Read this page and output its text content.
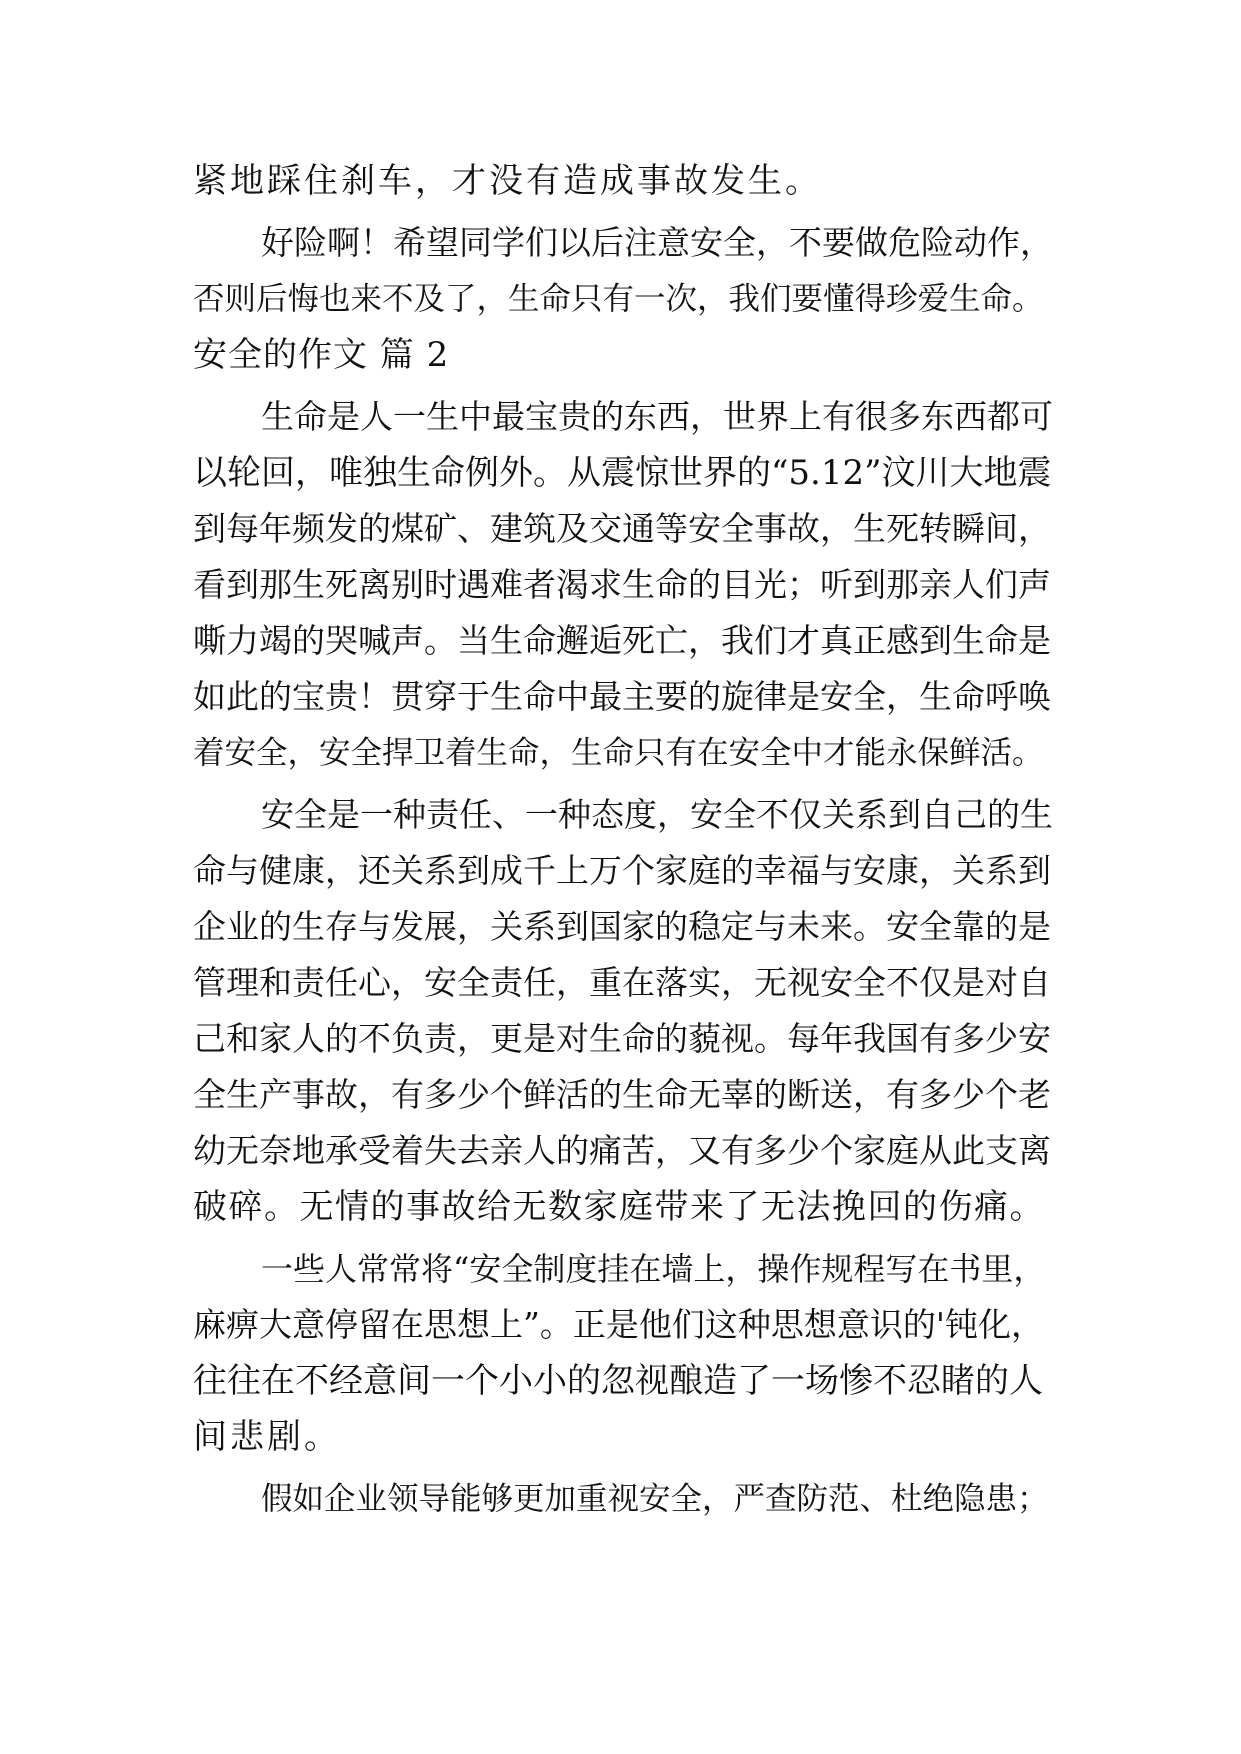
紧地踩住刹车，才没有造成事故发生。
好险啊！希望同学们以后注意安全，不要做危险动作，
否则后悔也来不及了，生命只有一次，我们要懂得珍爱生命。
安全的作文 篇 2
生命是人一生中最宝贵的东西，世界上有很多东西都可
以轮回，唯独生命例外。从震惊世界的“5.12”汶川大地震
到每年频发的煤矿、建筑及交通等安全事故，生死转瞬间，
看到那生死离别时遇难者渴求生命的目光；听到那亲人们声
嘶力竭的哭喊声。当生命邂逅死亡，我们才真正感到生命是
如此的宝贵！贯穿于生命中最主要的旋律是安全，生命呼唤
着安全，安全捍卫着生命，生命只有在安全中才能永保鲜活。
安全是一种责任、一种态度，安全不仅关系到自己的生
命与健康，还关系到成千上万个家庭的幸福与安康，关系到
企业的生存与发展，关系到国家的稳定与未来。安全靠的是
管理和责任心，安全责任，重在落实，无视安全不仅是对自
己和家人的不负责，更是对生命的藐视。每年我国有多少安
全生产事故，有多少个鲜活的生命无辜的断送，有多少个老
幼无奈地承受着失去亲人的痛苦，又有多少个家庭从此支离
破碎。无情的事故给无数家庭带来了无法挽回的伤痛。
一些人常常将“安全制度挂在墙上，操作规程写在书里，
麻痹大意停留在思想上”。正是他们这种思想意识的'钝化，
往往在不经意间一个小小的忽视酿造了一场惨不忍睹的人
间悲剧。
假如企业领导能够更加重视安全，严查防范、杜绝隐患；
